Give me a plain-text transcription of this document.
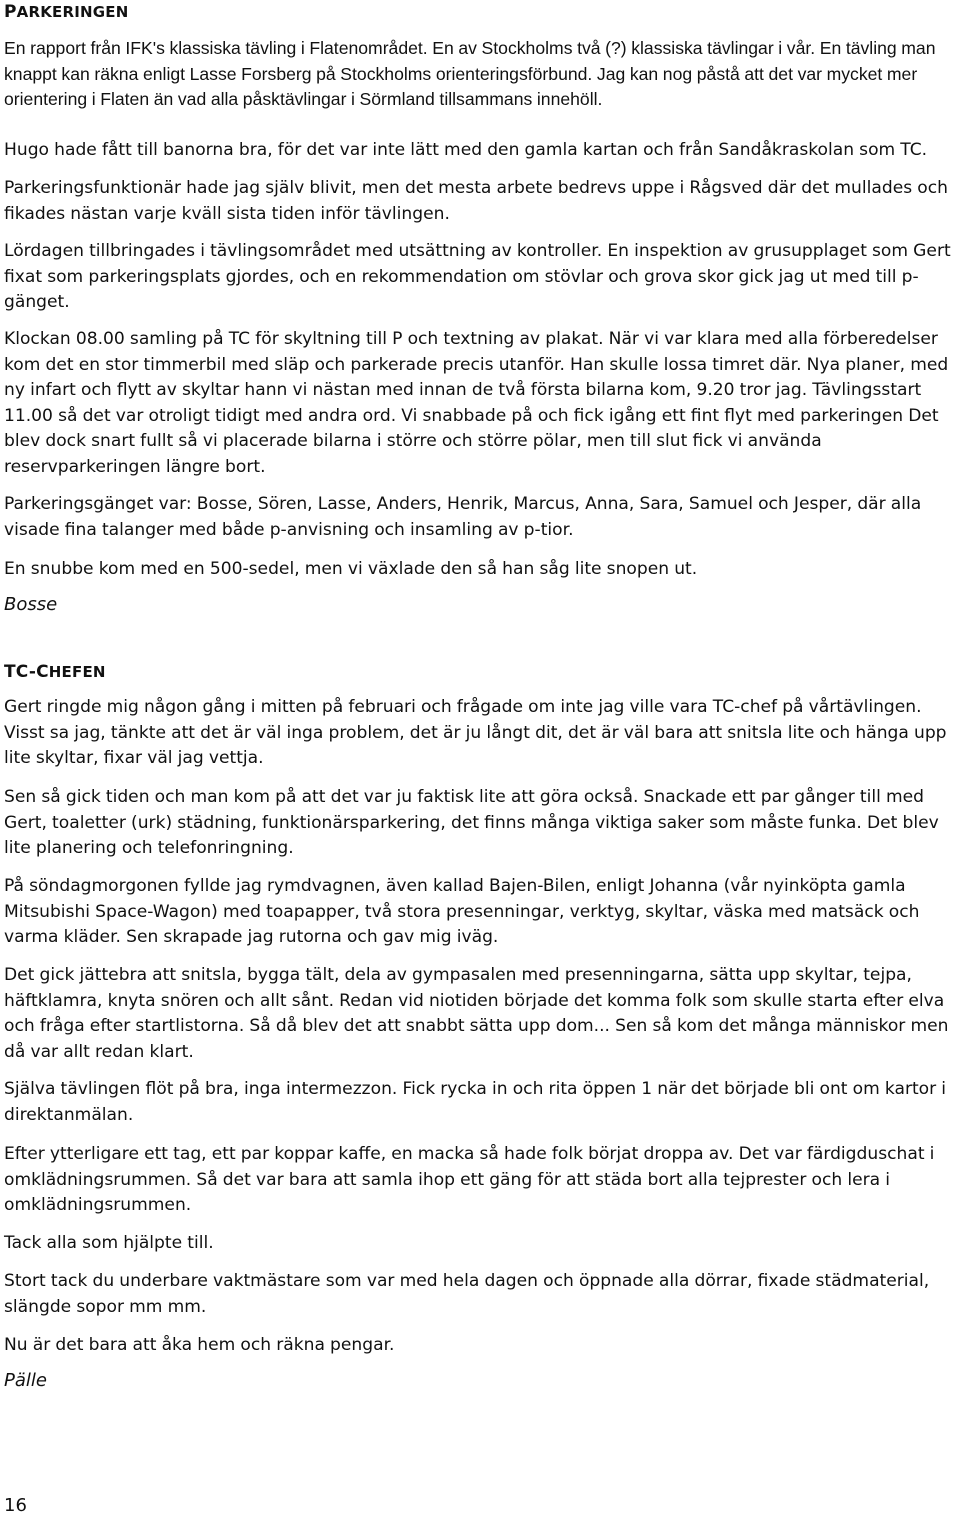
PARKERINGEN

En rapport från IFK's klassiska tävling i Flatenområdet. En av Stockholms två (?) klassiska tävlingar i vår. En tävling man knappt kan räkna enligt Lasse Forsberg på Stockholms orienteringsförbund. Jag kan nog påstå att det var mycket mer orientering i Flaten än vad alla påsktävlingar i Sörmland tillsammans innehöll.

Hugo hade fått till banorna bra, för det var inte lätt med den gamla kartan och från Sandåkraskolan som TC.

Parkeringsfunktionär hade jag själv blivit, men det mesta arbete bedrevs uppe i Rågsved där det mullades och fikades nästan varje kväll sista tiden inför tävlingen.

Lördagen tillbringades i tävlingsområdet med utsättning av kontroller. En inspektion av grusupplaget som Gert fixat som parkeringsplats gjordes, och en rekommendation om stövlar och grova skor gick jag ut med till p-gänget.

Klockan 08.00 samling på TC för skyltning till P och textning av plakat. När vi var klara med alla förberedelser kom det en stor timmerbil med släp och parkerade precis utanför. Han skulle lossa timret där. Nya planer, med ny infart och flytt av skyltar hann vi nästan med innan de två första bilarna kom, 9.20 tror jag. Tävlingsstart 11.00 så det var otroligt tidigt med andra ord. Vi snabbade på och fick igång ett fint flyt med parkeringen Det blev dock snart fullt så vi placerade bilarna i större och större pölar, men till slut fick vi använda reservparkeringen längre bort.

Parkeringsgänget var: Bosse, Sören, Lasse, Anders, Henrik, Marcus, Anna, Sara, Samuel och Jesper, där alla visade fina talanger med både p-anvisning och insamling av p-tior.

En snubbe kom med en 500-sedel, men vi växlade den så han såg lite snopen ut.

Bosse

TC-CHEFEN

Gert ringde mig någon gång i mitten på februari och frågade om inte jag ville vara TC-chef på vårtävlingen. Visst sa jag, tänkte att det är väl inga problem, det är ju långt dit, det är väl bara att snitsla lite och hänga upp lite skyltar, fixar väl jag vettja.

Sen så gick tiden och man kom på att det var ju faktisk lite att göra också. Snackade ett par gånger till med Gert, toaletter (urk) städning, funktionärsparkering, det finns många viktiga saker som måste funka. Det blev lite planering och telefonringning.

På söndagmorgonen fyllde jag rymdvagnen, även kallad Bajen-Bilen, enligt Johanna (vår nyinköpta gamla Mitsubishi Space-Wagon) med toapapper, två stora presenningar, verktyg, skyltar, väska med matsäck och varma kläder. Sen skrapade jag rutorna och gav mig iväg.

Det gick jättebra att snitsla, bygga tält, dela av gympasalen med presenningarna, sätta upp skyltar, tejpa, häftklamra, knyta snören och allt sånt. Redan vid niotiden började det komma folk som skulle starta efter elva och fråga efter startlistorna. Så då blev det att snabbt sätta upp dom... Sen så kom det många människor men då var allt redan klart.

Själva tävlingen flöt på bra, inga intermezzon. Fick rycka in och rita öppen 1 när det började bli ont om kartor i direktanmälan.

Efter ytterligare ett tag, ett par koppar kaffe, en macka så hade folk börjat droppa av. Det var färdigduschat i omklädningsrummen. Så det var bara att samla ihop ett gäng för att städa bort alla tejprester och lera i omklädningsrummen.

Tack alla som hjälpte till.

Stort tack du underbare vaktmästare som var med hela dagen och öppnade alla dörrar, fixade städmaterial, slängde sopor mm mm.

Nu är det bara att åka hem och räkna pengar.

Pälle

16
